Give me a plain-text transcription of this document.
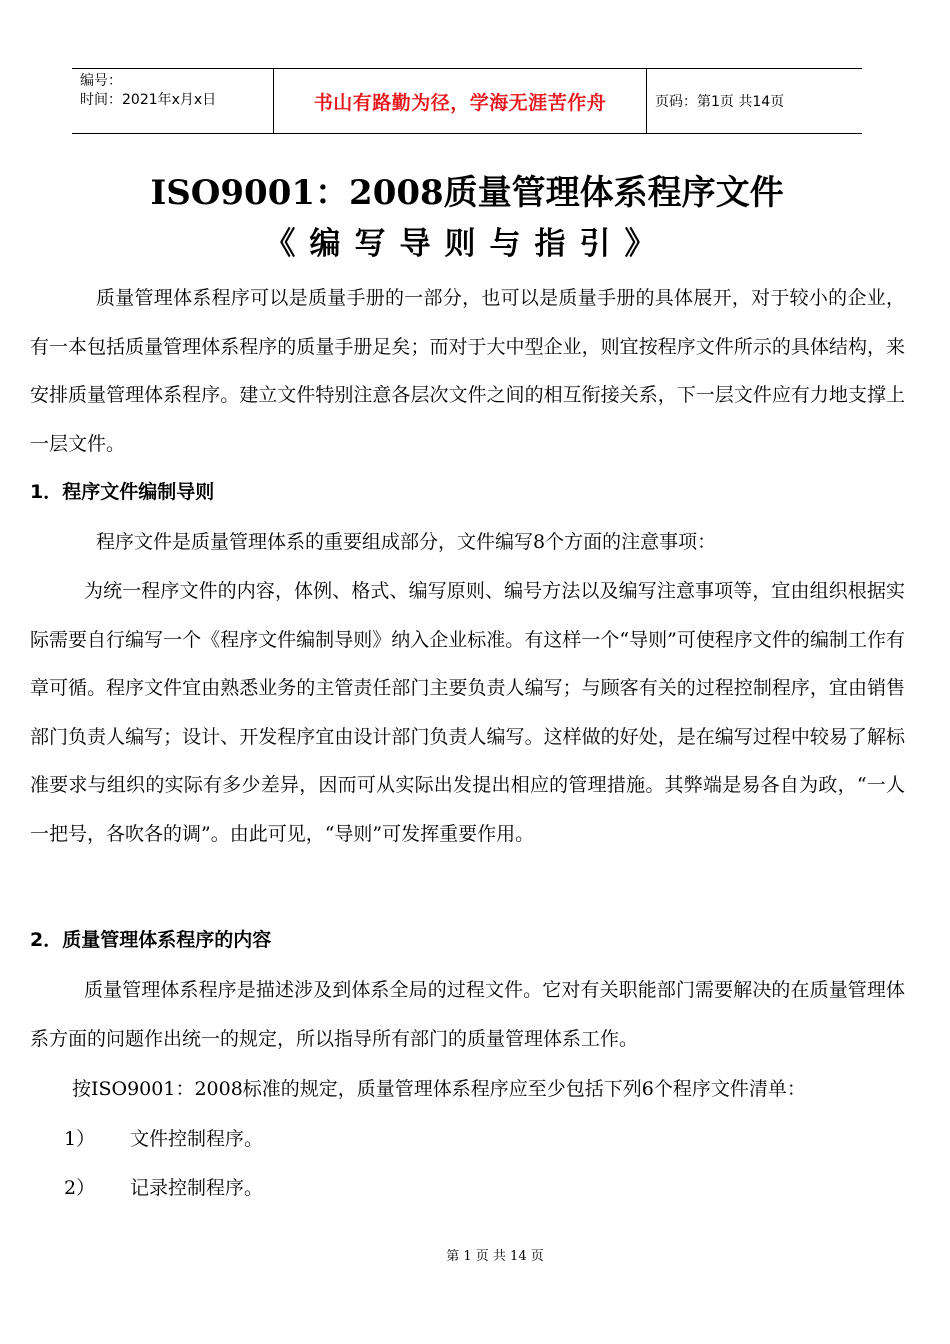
编号：
时间：2021年x月x日	书山有路勤为径，学海无涯苦作舟	页码：第1页 共14页
ISO9001：2008质量管理体系程序文件
《编写导则与指引》

质量管理体系程序可以是质量手册的一部分，也可以是质量手册的具体展开，对于较小的企业，有一本包括质量管理体系程序的质量手册足矣；而对于大中型企业，则宜按程序文件所示的具体结构，来安排质量管理体系程序。建立文件特别注意各层次文件之间的相互衔接关系，下一层文件应有力地支撑上一层文件。

1．程序文件编制导则

程序文件是质量管理体系的重要组成部分，文件编写8个方面的注意事项：

为统一程序文件的内容，体例、格式、编写原则、编号方法以及编写注意事项等，宜由组织根据实际需要自行编写一个《程序文件编制导则》纳入企业标准。有这样一个“导则”可使程序文件的编制工作有章可循。程序文件宜由熟悉业务的主管责任部门主要负责人编写；与顾客有关的过程控制程序，宜由销售部门负责人编写；设计、开发程序宜由设计部门负责人编写。这样做的好处，是在编写过程中较易了解标准要求与组织的实际有多少差异，因而可从实际出发提出相应的管理措施。其弊端是易各自为政，“一人一把号，各吹各的调”。由此可见，“导则”可发挥重要作用。

2．质量管理体系程序的内容

质量管理体系程序是描述涉及到体系全局的过程文件。它对有关职能部门需要解决的在质量管理体系方面的问题作出统一的规定，所以指导所有部门的质量管理体系工作。

按ISO9001：2008标准的规定，质量管理体系程序应至少包括下列6个程序文件清单：

1） 文件控制程序。
2） 记录控制程序。
第 1 页 共 14 页
